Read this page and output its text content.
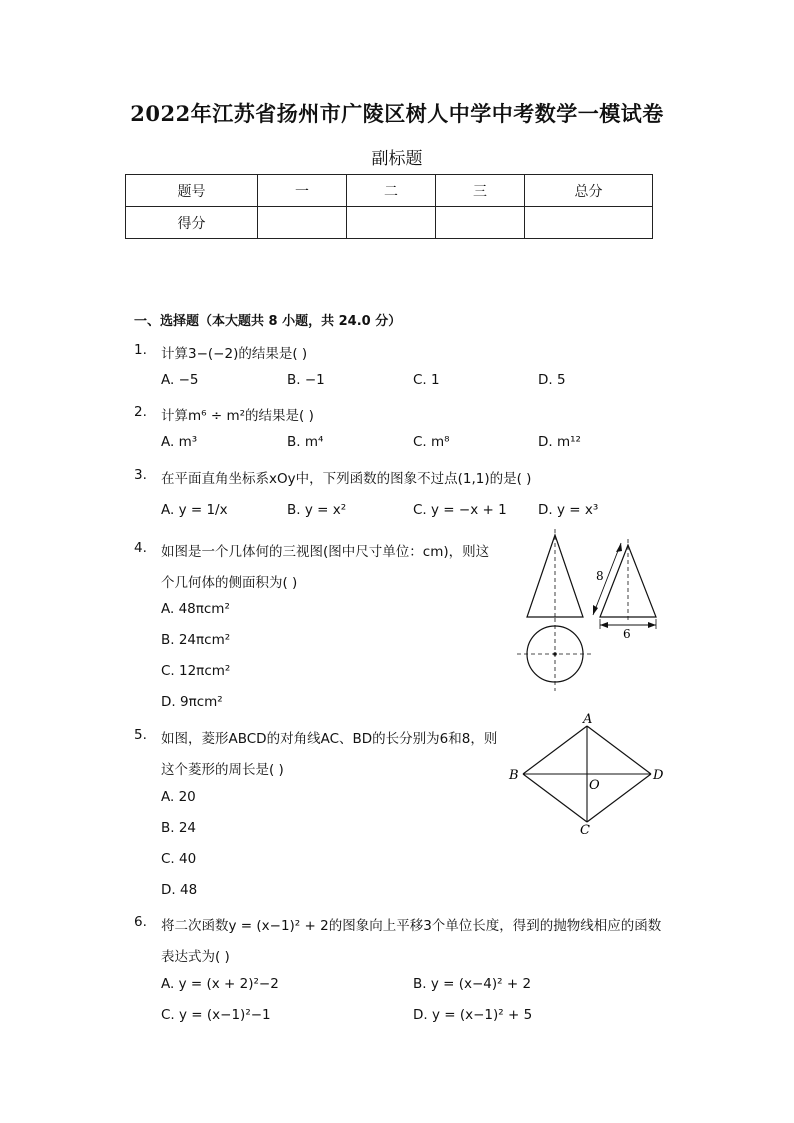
2022年江苏省扬州市广陵区树人中学中考数学一模试卷
副标题
题号	一	二	三	总分
得分				
一、选择题（本大题共 8 小题，共 24.0 分）
1. 计算3−(−2)的结果是( )
A. −5	B. −1	C. 1	D. 5
2. 计算m⁶ ÷ m²的结果是( )
A. m³	B. m⁴	C. m⁸	D. m¹²
3. 在平面直角坐标系xOy中，下列函数的图象不过点(1,1)的是( )
A. y = 1/x	B. y = x²	C. y = −x + 1 D. y = x³
4. 如图是一个几体何的三视图(图中尺寸单位：cm)，则这
个几何体的侧面积为( )
A. 48πcm²
B. 24πcm²
C. 12πcm²
D. 9πcm²
8
6
5. 如图，菱形ABCD的对角线AC、BD的长分别为6和8，则
这个菱形的周长是( )
A. 20
B. 24
C. 40
D. 48
A
B	D
C
O
6. 将二次函数y = (x−1)² + 2的图象向上平移3个单位长度，得到的抛物线相应的函数
表达式为( )
A. y = (x + 2)²−2	B. y = (x−4)² + 2
C. y = (x−1)²−1	D. y = (x−1)² + 5
